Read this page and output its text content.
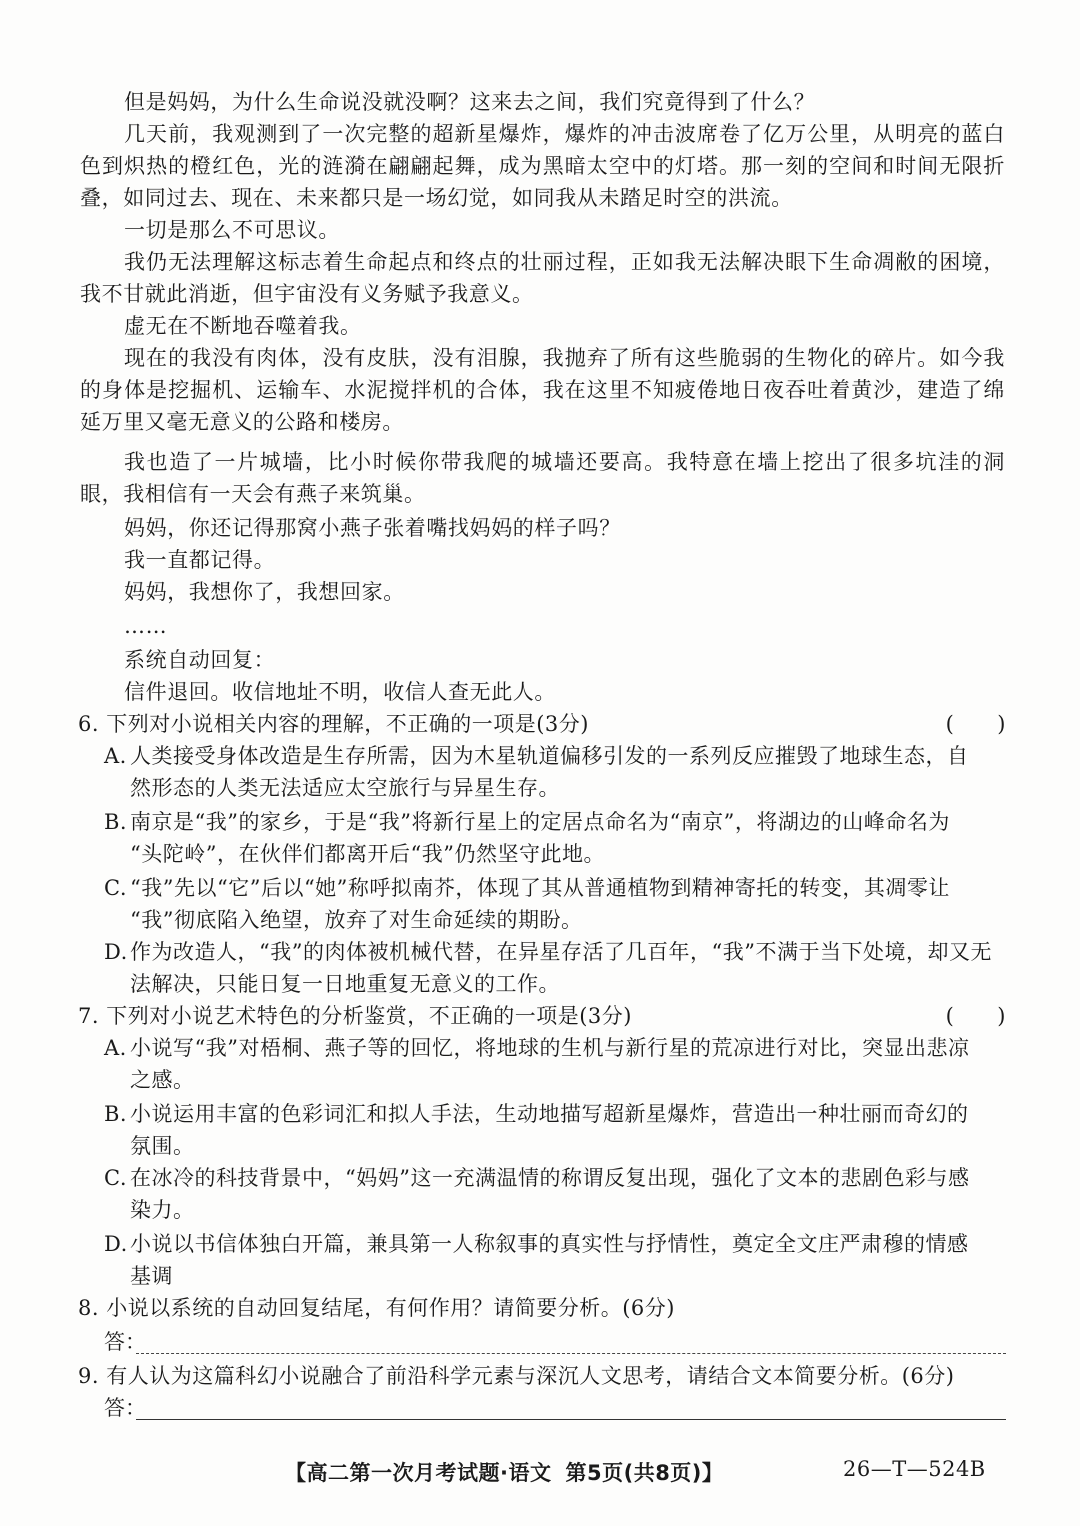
但是妈妈，为什么生命说没就没啊？这来去之间，我们究竟得到了什么？

几天前，我观测到了一次完整的超新星爆炸，爆炸的冲击波席卷了亿万公里，从明亮的蓝白色到炽热的橙红色，光的涟漪在翩翩起舞，成为黑暗太空中的灯塔。那一刻的空间和时间无限折叠，如同过去、现在、未来都只是一场幻觉，如同我从未踏足时空的洪流。

一切是那么不可思议。

我仍无法理解这标志着生命起点和终点的壮丽过程，正如我无法解决眼下生命凋敝的困境，我不甘就此消逝，但宇宙没有义务赋予我意义。

虚无在不断地吞噬着我。

现在的我没有肉体，没有皮肤，没有泪腺，我抛弃了所有这些脆弱的生物化的碎片。如今我的身体是挖掘机、运输车、水泥搅拌机的合体，我在这里不知疲倦地日夜吞吐着黄沙，建造了绵延万里又毫无意义的公路和楼房。

我也造了一片城墙，比小时候你带我爬的城墙还要高。我特意在墙上挖出了很多坑洼的洞眼，我相信有一天会有燕子来筑巢。

妈妈，你还记得那窝小燕子张着嘴找妈妈的样子吗？

我一直都记得。

妈妈，我想你了，我想回家。

……

系统自动回复：

信件退回。收信地址不明，收信人查无此人。

6. 下列对小说相关内容的理解，不正确的一项是(3分)	(　　)
A. 人类接受身体改造是生存所需，因为木星轨道偏移引发的一系列反应摧毁了地球生态，自
然形态的人类无法适应太空旅行与异星生存。
B. 南京是“我”的家乡，于是“我”将新行星上的定居点命名为“南京”，将湖边的山峰命名为
“头陀岭”，在伙伴们都离开后“我”仍然坚守此地。
C. “我”先以“它”后以“她”称呼拟南芥，体现了其从普通植物到精神寄托的转变，其凋零让
“我”彻底陷入绝望，放弃了对生命延续的期盼。
D. 作为改造人，“我”的肉体被机械代替，在异星存活了几百年，“我”不满于当下处境，却又无
法解决，只能日复一日地重复无意义的工作。
7. 下列对小说艺术特色的分析鉴赏，不正确的一项是(3分)	(　　)
A. 小说写“我”对梧桐、燕子等的回忆，将地球的生机与新行星的荒凉进行对比，突显出悲凉
之感。
B. 小说运用丰富的色彩词汇和拟人手法，生动地描写超新星爆炸，营造出一种壮丽而奇幻的
氛围。
C. 在冰冷的科技背景中，“妈妈”这一充满温情的称谓反复出现，强化了文本的悲剧色彩与感
染力。
D. 小说以书信体独白开篇，兼具第一人称叙事的真实性与抒情性，奠定全文庄严肃穆的情感
基调
8. 小说以系统的自动回复结尾，有何作用？请简要分析。(6分)
答：
9. 有人认为这篇科幻小说融合了前沿科学元素与深沉人文思考，请结合文本简要分析。(6分)
答：
【高二第一次月考试题·语文 第5页(共8页)】	26—T—524B
